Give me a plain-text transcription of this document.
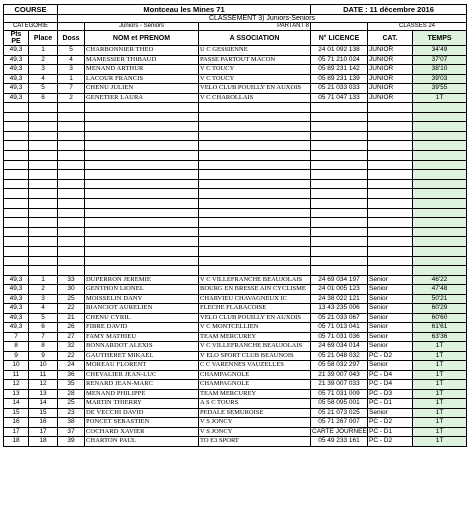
COURSE		Montceau les Mines 71			DATE : 11 décembre 2016		
		CLASSEMENT 3) Juniors-Seniors					
CATEGORIE			Juniors - Seniors	PARTANT 8		CLASSES 24	
Pts PE	Place	Doss	NOM et PRENOM	A SSOCIATION	N° LICENCE	CAT.	TEMPS
49,3	1	5	CHARBONNIER THEO	U C GESSIENNE	24 01 092 138	JUNIOR	34'49
49,3	2	4	MAMESSIER THIBAUD	PASSE PARTOUT MACON	05 71 210 024	JUNIOR	37'07
49,3	3	3	MENAND ARTHUR	V C TOUCY	05 89 231 142	JUNIOR	38'10
49,3	4	1	LACOUR FRANCIS	V C TOUCY	05 89 231 139	JUNIOR	39'03
49,3	5	7	CHENU JULIEN	VELO CLUB POUILLY EN AUXOIS	05 21 033 033	JUNIOR	39'55
49,3	6	2	GENETIER LAURA	V C CHAROLLAIS	05 71 047 133	JUNIOR	1T

49,3	1	33	DUPERRON JEREMIE	V C VILLEFRANCHE BEAUJOLAIS	24 69 034 197	Senior	46'22
49,3	2	30	GENTHON LIONEL	BOURG EN BRESSE AIN CYCLISME	24 01 005 123	Senior	47'48
49,3	3	25	MOISSELIN DANY	CHARVIEU CHAVAGNEUX IC	24 38 022 121	Senior	50'21
49,3	4	22	BIANCIOT AURELIEN	FLECHE FLARACOISE	13 43 235 006	Senior	60'29
49,3	5	21	CHENU CYRIL	VELO CLUB POUILLY EN AUXOIS	05 21 033 067	Senior	60'60
49,3	6	26	FIBRE DAVID	V C MONTCELLIEN	05 71 013 041	Senior	61'61
7	7	27	FAMY MATHIEU	TEAM MERCUREY	05 71 031 036	Senior	63'36
8	8	32	BONNARDOT ALEXIS	V C VILLEFRANCHE BEAUJOLAIS	24 69 034 014	Senior	1T
9	9	22	GAUTHERET MIKAEL	V ELO SPORT CLUB BEAUNOIS	05 21 048 032	PC - D2	1T
10	10	24	MOREAU FLORENT	C C VARENNES VAUZELLES	05 58 032 297	Senior	1T
11	11	36	CHEVALIER JEAN-LUC	CHAMPAGNOLE	21 39 007 043	PC - D4	1T
12	12	35	RENARD JEAN-MARC	CHAMPAGNOLE	21 39 007 033	PC - D4	1T
13	13	28	MENAND PHILIPPE	TEAM MERCUREY	05 71 031 009	PC - D3	1T
14	14	25	MARTIN THIERRY	A S C TOURS	05 58 095 001	PC - D1	1T
15	15	23	DE VECCHI DAVID	PEDALE SEMUROISE	05 21 073 025	Senior	1T
16	16	38	PONCET SEBASTIEN	V S JONCY	05 71 267 007	PC - D2	1T
17	17	37	COCHARD XAVIER	V S JONCY	CARTE JOURNEE	PC - D1	1T
18	18	39	CHARTON PAUL	TO E3 SPORT	05 49 233 161	PC - D2	1T
